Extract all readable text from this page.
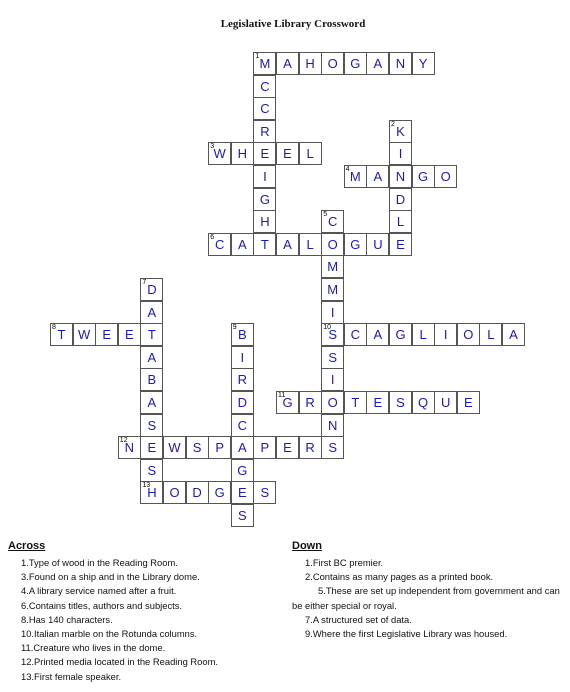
Legislative Library Crossword
1 M A	H O G	A	N	Y
C
C
R
E
I
G
H
T
2 K
I
N
D
L
E
3 W H	E	L
4 M A	G O
5 C
O
M
M
I
10
S
S
I
O
N
S
6 C	A	A	L	G U
7 D
A
T
A
B
A
S
E
S
8 T W E	E	9 B
I
R
D
C
A
G
E
S
C	A	G	L	I	O	L	A
11
G R	T	E	S	Q U	E
12
N	W S	P	P	E	R
13
H O D G	S
Across
1.Type of wood in the Reading Room.
3.Found on a ship and in the Library dome.
4.A library service named after a fruit.
6.Contains titles, authors and subjects.
8.Has 140 characters.
10.Italian marble on the Rotunda columns.
11.Creature who lives in the dome.
12.Printed media located in the Reading Room.
13.First female speaker.
Down
1.First BC premier.
2.Contains as many pages as a printed book.
5.These are set up independent from government and can be either special or royal.
7.A structured set of data.
9.Where the first Legislative Library was housed.
